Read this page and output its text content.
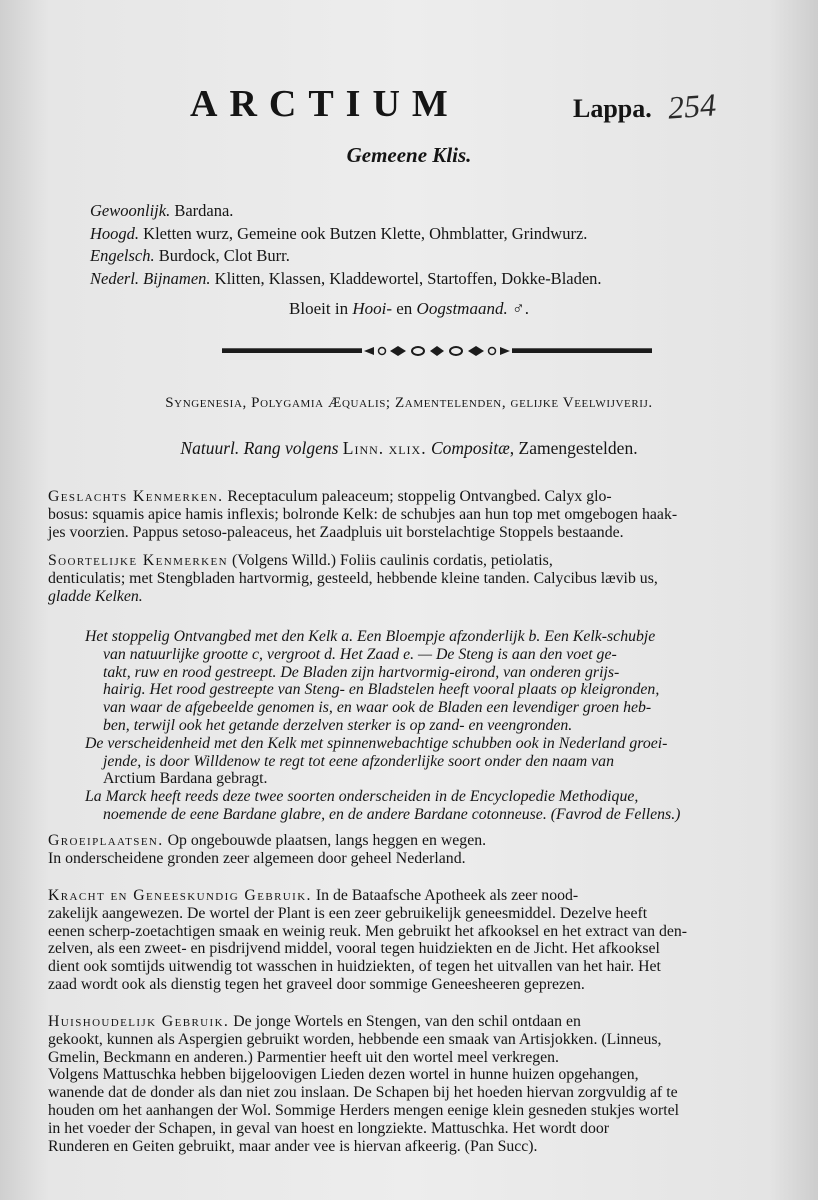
ARCTIUM	Lappa. 254
Gemeene Klis.
Gewoonlijk. Bardana.
Hoogd. Kletten wurz, Gemeine ook Butzen Klette, Ohmblatter, Grindwurz.
Engelsch. Burdock, Clot Burr.
Nederl. Bijnamen. Klitten, Klassen, Kladdewortel, Startoffen, Dokke-Bladen.
Bloeit in Hooi- en Oogstmaand. ♂.
Syngenesia, Polygamia Æqualis; Zamentelenden, gelijke Veelwijverij.
Natuurl. Rang volgens Linn. xlix. Compositæ, Zamengestelden.
Geslachts Kenmerken. Receptaculum paleaceum; stoppelig Ontvangbed. Calyx glo-
bosus: squamis apice hamis inflexis; bolronde Kelk: de schubjes aan hun top met omgebogen haak-
jes voorzien. Pappus setoso-paleaceus, het Zaadpluis uit borstelachtige Stoppels bestaande.
Soortelijke Kenmerken (Volgens Willd.) Foliis caulinis cordatis, petiolatis,
denticulatis; met Stengbladen hartvormig, gesteeld, hebbende kleine tanden. Calycibus lævib us,
gladde Kelken.
Het stoppelig Ontvangbed met den Kelk a. Een Bloempje afzonderlijk b. Een Kelk-schubje
van natuurlijke grootte c, vergroot d. Het Zaad e. — De Steng is aan den voet ge-
takt, ruw en rood gestreept. De Bladen zijn hartvormig-eirond, van onderen grijs-
hairig. Het rood gestreepte van Steng- en Bladstelen heeft vooral plaats op kleigronden,
van waar de afgebeelde genomen is, en waar ook de Bladen een levendiger groen heb-
ben, terwijl ook het getande derzelven sterker is op zand- en veengronden.
De verscheidenheid met den Kelk met spinnenwebachtige schubben ook in Nederland groei-
jende, is door Willdenow te regt tot eene afzonderlijke soort onder den naam van
Arctium Bardana gebragt.
La Marck heeft reeds deze twee soorten onderscheiden in de Encyclopedie Methodique,
noemende de eene Bardane glabre, en de andere Bardane cotonneuse. (Favrod de Fellens.)
Groeiplaatsen. Op ongebouwde plaatsen, langs heggen en wegen.
In onderscheidene gronden zeer algemeen door geheel Nederland.
Kracht en Geneeskundig Gebruik. In de Bataafsche Apotheek als zeer nood-
zakelijk aangewezen. De wortel der Plant is een zeer gebruikelijk geneesmiddel. Dezelve heeft
eenen scherp-zoetachtigen smaak en weinig reuk. Men gebruikt het afkooksel en het extract van den-
zelven, als een zweet- en pisdrijvend middel, vooral tegen huidziekten en de Jicht. Het afkooksel
dient ook somtijds uitwendig tot wasschen in huidziekten, of tegen het uitvallen van het hair. Het
zaad wordt ook als dienstig tegen het graveel door sommige Geneesheeren geprezen.
Huishoudelijk Gebruik. De jonge Wortels en Stengen, van den schil ontdaan en
gekookt, kunnen als Aspergien gebruikt worden, hebbende een smaak van Artisjokken. (Linneus,
Gmelin, Beckmann en anderen.) Parmentier heeft uit den wortel meel verkregen.
Volgens Mattuschka hebben bijgeloovigen Lieden dezen wortel in hunne huizen opgehangen,
wanende dat de donder als dan niet zou inslaan. De Schapen bij het hoeden hiervan zorgvuldig af te
houden om het aanhangen der Wol. Sommige Herders mengen eenige klein gesneden stukjes wortel
in het voeder der Schapen, in geval van hoest en longziekte. Mattuschka. Het wordt door
Runderen en Geiten gebruikt, maar ander vee is hiervan afkeerig. (Pan Succ).
